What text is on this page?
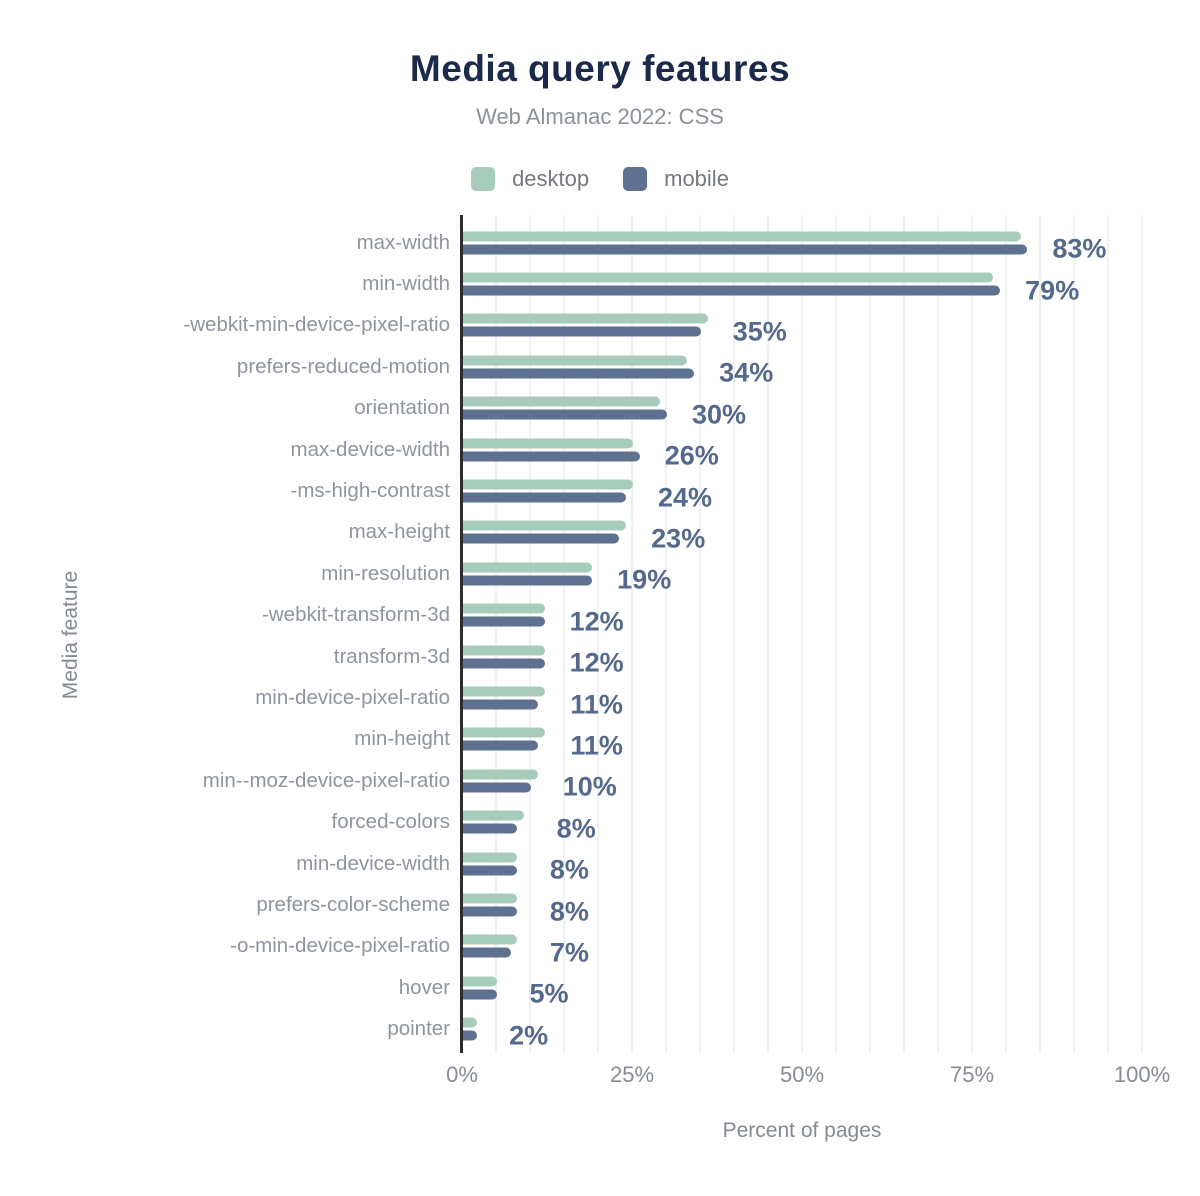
Media query features
Web Almanac 2022: CSS
desktop	mobile
Media feature
max-width	83%
min-width	79%
-webkit-min-device-pixel-ratio	35%
prefers-reduced-motion	34%
orientation	30%
max-device-width	26%
-ms-high-contrast	24%
max-height	23%
min-resolution	19%
-webkit-transform-3d	12%
transform-3d	12%
min-device-pixel-ratio	11%
min-height	11%
min--moz-device-pixel-ratio	10%
forced-colors	8%
min-device-width	8%
prefers-color-scheme	8%
-o-min-device-pixel-ratio	7%
hover	5%
pointer 2%
0%	25%	50%	75%	100%
Percent of pages
